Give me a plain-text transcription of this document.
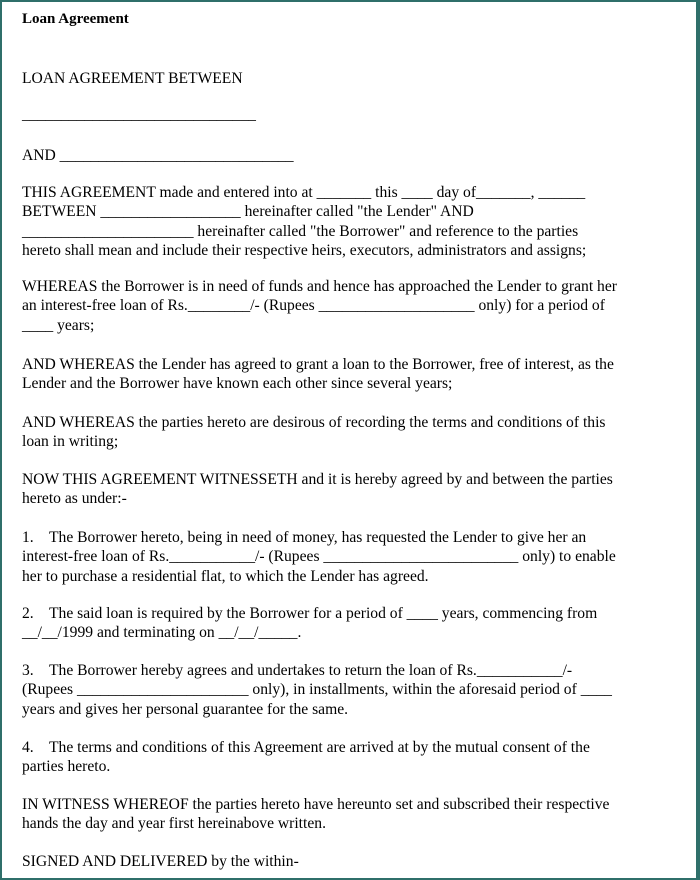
Loan Agreement
LOAN AGREEMENT BETWEEN
______________________________
AND ______________________________
THIS AGREEMENT made and entered into at _______ this ____ day of_______, ______
BETWEEN __________________ hereinafter called "the Lender" AND
______________________ hereinafter called "the Borrower" and reference to the parties
hereto shall mean and include their respective heirs, executors, administrators and assigns;
WHEREAS the Borrower is in need of funds and hence has approached the Lender to grant her
an interest-free loan of Rs.________/- (Rupees ____________________ only) for a period of
____ years;
AND WHEREAS the Lender has agreed to grant a loan to the Borrower, free of interest, as the
Lender and the Borrower have known each other since several years;
AND WHEREAS the parties hereto are desirous of recording the terms and conditions of this
loan in writing;
NOW THIS AGREEMENT WITNESSETH and it is hereby agreed by and between the parties
hereto as under:-
1.    The Borrower hereto, being in need of money, has requested the Lender to give her an
interest-free loan of Rs.___________/- (Rupees _________________________ only) to enable
her to purchase a residential flat, to which the Lender has agreed.
2.    The said loan is required by the Borrower for a period of ____ years, commencing from
__/__/1999 and terminating on __/__/_____.
3.    The Borrower hereby agrees and undertakes to return the loan of Rs.___________/-
(Rupees ______________________ only), in installments, within the aforesaid period of ____
years and gives her personal guarantee for the same.
4.    The terms and conditions of this Agreement are arrived at by the mutual consent of the
parties hereto.
IN WITNESS WHEREOF the parties hereto have hereunto set and subscribed their respective
hands the day and year first hereinabove written.
SIGNED AND DELIVERED by the within-
